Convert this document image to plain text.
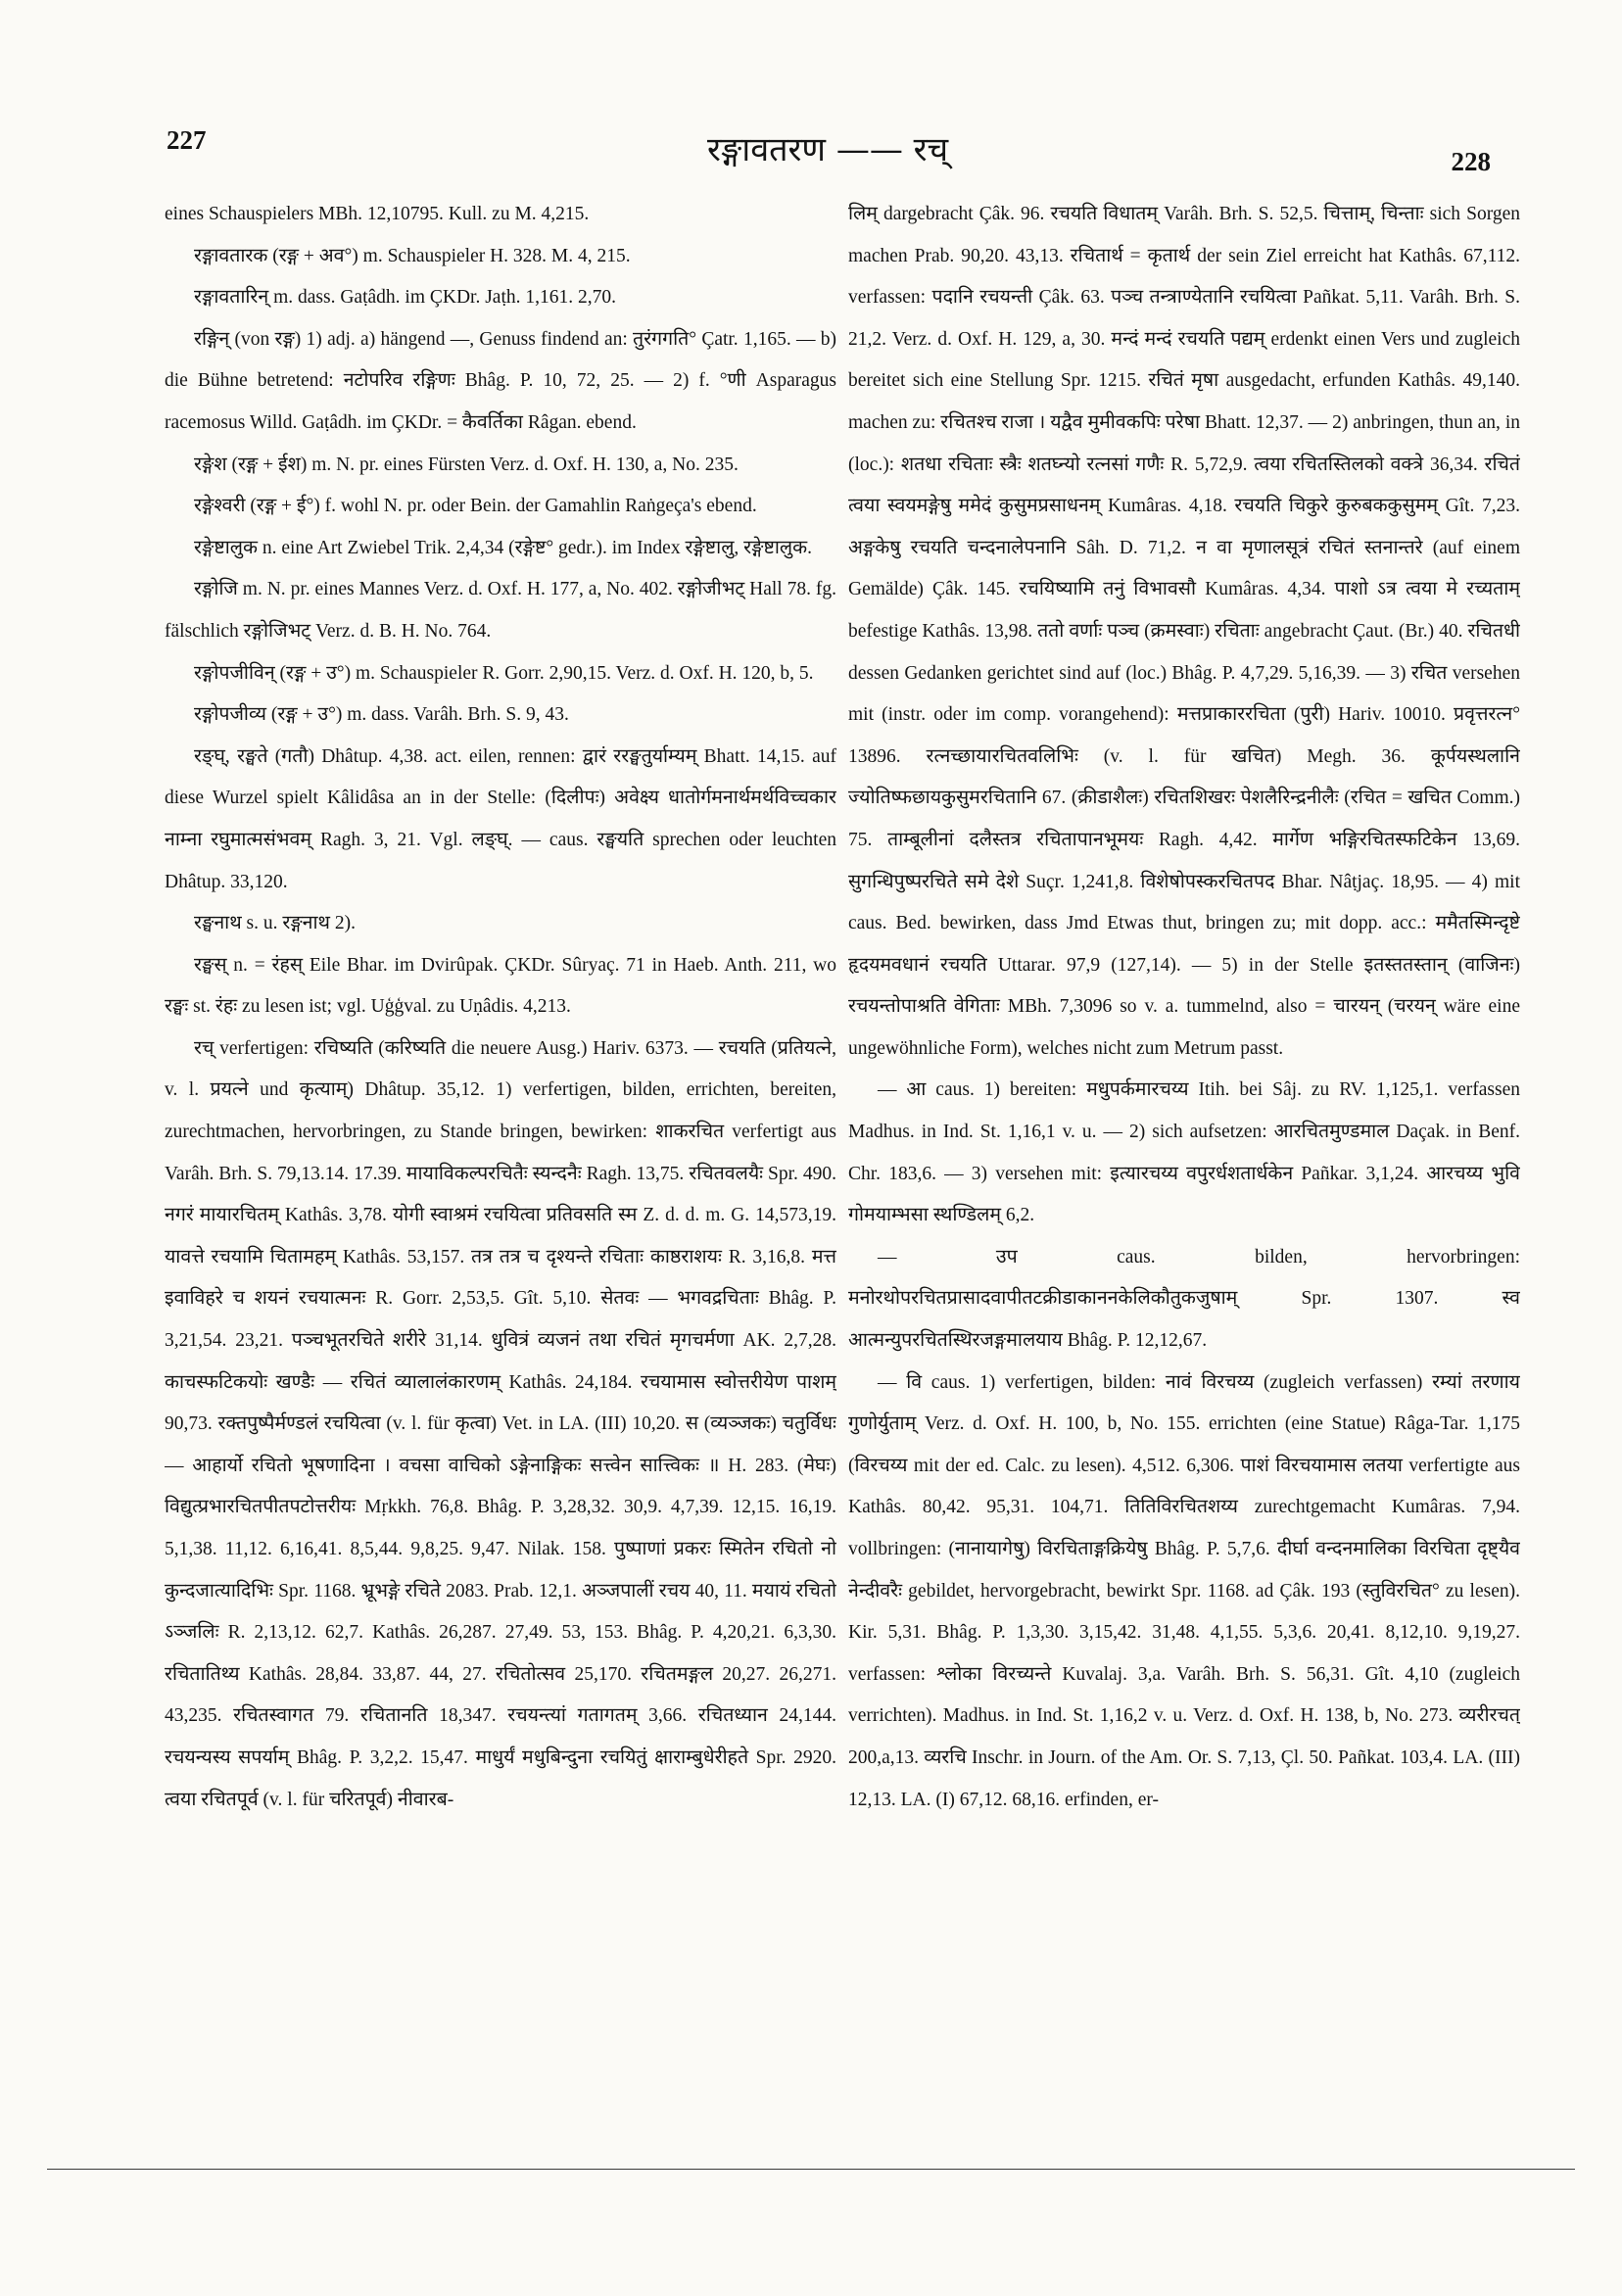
227	रङ्गावतरण —— रच्	228

eines Schauspielers MBh. 12,10795. Kull. zu M. 4,215.

रङ्गावतारक (रङ्ग + अव°) m. Schauspieler H. 328. M. 4, 215.

रङ्गावतारिन् m. dass. Gaṭâdh. im ÇKDr. Jaṭh. 1,161. 2,70.

रङ्गिन् (von रङ्ग) 1) adj. a) hängend —, Genuss findend an: तुरंगगति° Çatr. 1,165. — b) die Bühne betretend: नटोपरिव रङ्गिणः Bhâg. P. 10, 72, 25. — 2) f. °णी Asparagus racemosus Willd. Gaṭâdh. im ÇKDr. = कैवर्तिका Râgan. ebend.

रङ्गेश (रङ्ग + ईश) m. N. pr. eines Fürsten Verz. d. Oxf. H. 130, a, No. 235.

रङ्गेश्वरी (रङ्ग + ई°) f. wohl N. pr. oder Bein. der Gamahlin Raṅgeça's ebend.

रङ्गेष्टालुक n. eine Art Zwiebel Trik. 2,4,34 (रङ्गेष्ट° gedr.). im Index रङ्गेष्टालु, रङ्गेष्टालुक.

रङ्गोजि m. N. pr. eines Mannes Verz. d. Oxf. H. 177, a, No. 402. रङ्गोजीभट् Hall 78. fg. fälschlich रङ्गोजिभट् Verz. d. B. H. No. 764.

रङ्गोपजीविन् (रङ्ग + उ°) m. Schauspieler R. Gorr. 2,90,15. Verz. d. Oxf. H. 120, b, 5.

रङ्गोपजीव्य (रङ्ग + उ°) m. dass. Varâh. Brh. S. 9, 43.

रङ्घ्, रङ्घते (गतौ) Dhâtup. 4,38. act. eilen, rennen: द्वारं ररङ्घतुर्याम्यम् Bhatt. 14,15. auf diese Wurzel spielt Kâlidâsa an in der Stelle: (दिलीपः) अवेक्ष्य धातोर्गमनार्थमर्थविच्चकार नाम्ना रघुमात्मसंभवम् Ragh. 3, 21. Vgl. लङ्घ्. — caus. रङ्घयति sprechen oder leuchten Dhâtup. 33,120.

रङ्घनाथ s. u. रङ्गनाथ 2).

रङ्घस् n. = रंहस् Eile Bhar. im Dvirûpak. ÇKDr. Sûryaç. 71 in Haeb. Anth. 211, wo रङ्घः st. रंहः zu lesen ist; vgl. Uģģval. zu Uṇâdis. 4,213.

रच् verfertigen: रचिष्यति (करिष्यति die neuere Ausg.) Hariv. 6373. — रचयति (प्रतियत्ने, v. l. प्रयत्ने und कृत्याम्) Dhâtup. 35,12. 1) verfertigen, bilden, errichten, bereiten, zurechtmachen, hervorbringen, zu Stande bringen, bewirken: शाकरचित verfertigt aus Varâh. Brh. S. 79,13.14. 17.39. मायाविकल्परचितैः स्यन्दनैः Ragh. 13,75. रचितवलयैः Spr. 490. नगरं मायारचितम् Kathâs. 3,78. योगी स्वाश्रमं रचयित्वा प्रतिवसति स्म Z. d. d. m. G. 14,573,19. यावत्ते रचयामि चितामहम् Kathâs. 53,157. तत्र तत्र च दृश्यन्ते रचिताः काष्ठराशयः R. 3,16,8. मत्त इवाविहरे च शयनं रचयात्मनः R. Gorr. 2,53,5. Gît. 5,10. सेतवः — भगवद्रचिताः Bhâg. P. 3,21,54. 23,21. पञ्चभूतरचिते शरीरे 31,14. धुवित्रं व्यजनं तथा रचितं मृगचर्मणा AK. 2,7,28. काचस्फटिकयोः खण्डैः — रचितं व्यालालंकारणम् Kathâs. 24,184. रचयामास स्वोत्तरीयेण पाशम् 90,73. रक्तपुष्पैर्मण्डलं रचयित्वा (v. l. für कृत्वा) Vet. in LA. (III) 10,20. स (व्यञ्जकः) चतुर्विधः — आहार्यो रचितो भूषणादिना । वचसा वाचिको ऽङ्गेनाङ्गिकः सत्त्वेन सात्त्विकः ॥ H. 283. (मेघः) विद्युत्प्रभारचितपीतपटोत्तरीयः Mṛkkh. 76,8. Bhâg. P. 3,28,32. 30,9. 4,7,39. 12,15. 16,19. 5,1,38. 11,12. 6,16,41. 8,5,44. 9,8,25. 9,47. Nilak. 158. पुष्पाणां प्रकरः स्मितेन रचितो नो कुन्दजात्यादिभिः Spr. 1168. भ्रूभङ्गे रचिते 2083. Prab. 12,1. अञ्जपालीं रचय 40, 11. मयायं रचितो ऽञ्जलिः R. 2,13,12. 62,7. Kathâs. 26,287. 27,49. 53, 153. Bhâg. P. 4,20,21. 6,3,30. रचितातिथ्य Kathâs. 28,84. 33,87. 44, 27. रचितोत्सव 25,170. रचितमङ्गल 20,27. 26,271. 43,235. रचितस्वागत 79. रचितानति 18,347. रचयन्त्यां गतागतम् 3,66. रचितध्यान 24,144. रचयन्यस्य सपर्याम् Bhâg. P. 3,2,2. 15,47. माधुर्यं मधुबिन्दुना रचयितुं क्षाराम्बुधेरीहते Spr. 2920. त्वया रचितपूर्व (v. l. für चरितपूर्व) नीवारब-

लिम् dargebracht Çâk. 96. रचयति विधातम् Varâh. Brh. S. 52,5. चित्ताम्, चिन्ताः sich Sorgen machen Prab. 90,20. 43,13. रचितार्थ = कृतार्थ der sein Ziel erreicht hat Kathâs. 67,112. verfassen: पदानि रचयन्ती Çâk. 63. पञ्च तन्त्राण्येतानि रचयित्वा Pañkat. 5,11. Varâh. Brh. S. 21,2. Verz. d. Oxf. H. 129, a, 30. मन्दं मन्दं रचयति पद्यम् erdenkt einen Vers und zugleich bereitet sich eine Stellung Spr. 1215. रचितं मृषा ausgedacht, erfunden Kathâs. 49,140. machen zu: रचितश्च राजा । यद्वैव मुमीवकपिः परेषा Bhatt. 12,37. — 2) anbringen, thun an, in (loc.): शतधा रचिताः स्त्रैः शतघ्न्यो रत्नसां गणैः R. 5,72,9. त्वया रचितस्तिलको वक्त्रे 36,34. रचितं त्वया स्वयमङ्गेषु ममेदं कुसुमप्रसाधनम् Kumâras. 4,18. रचयति चिकुरे कुरुबककुसुमम् Gît. 7,23. अङ्गकेषु रचयति चन्दनालेपनानि Sâh. D. 71,2. न वा मृणालसूत्रं रचितं स्तनान्तरे (auf einem Gemälde) Çâk. 145. रचयिष्यामि तनुं विभावसौ Kumâras. 4,34. पाशो ऽत्र त्वया मे रच्यताम् befestige Kathâs. 13,98. ततो वर्णाः पञ्च (क्रमस्वाः) रचिताः angebracht Çaut. (Br.) 40. रचितधी dessen Gedanken gerichtet sind auf (loc.) Bhâg. P. 4,7,29. 5,16,39. — 3) रचित versehen mit (instr. oder im comp. vorangehend): मत्तप्राकाररचिता (पुरी) Hariv. 10010. प्रवृत्तरत्न° 13896. रत्नच्छायारचितवलिभिः (v. l. für खचित) Megh. 36. कूर्पयस्थलानि ज्योतिष्फछायकुसुमरचितानि 67. (क्रीडाशैलः) रचितशिखरः पेशलैरिन्द्रनीलैः (रचित = खचित Comm.) 75. ताम्बूलीनां दलैस्तत्र रचितापानभूमयः Ragh. 4,42. मार्गेण भङ्गिरचितस्फटिकेन 13,69. सुगन्धिपुष्परचिते समे देशे Suçr. 1,241,8. विशेषोपस्करचितपद Bhar. Nâṭjaç. 18,95. — 4) mit caus. Bed. bewirken, dass Jmd Etwas thut, bringen zu; mit dopp. acc.: ममैतस्मिन्दृष्टे हृदयमवधानं रचयति Uttarar. 97,9 (127,14). — 5) in der Stelle इतस्ततस्तान् (वाजिनः) रचयन्तोपाश्रति वेगिताः MBh. 7,3096 so v. a. tummelnd, also = चारयन् (चरयन् wäre eine ungewöhnliche Form), welches nicht zum Metrum passt.

— आ caus. 1) bereiten: मधुपर्कमारचय्य Itih. bei Sâj. zu RV. 1,125,1. verfassen Madhus. in Ind. St. 1,16,1 v. u. — 2) sich aufsetzen: आरचितमुण्डमाल Daçak. in Benf. Chr. 183,6. — 3) versehen mit: इत्यारचय्य वपुरर्धशतार्धकेन Pañkar. 3,1,24. आरचय्य भुवि गोमयाम्भसा स्थण्डिलम् 6,2.

— उप caus. bilden, hervorbringen: मनोरथोपरचितप्रासादवापीतटक्रीडाकाननकेलिकौतुकजुषाम् Spr. 1307. स्व आत्मन्युपरचितस्थिरजङ्गमालयाय Bhâg. P. 12,12,67.

— वि caus. 1) verfertigen, bilden: नावं विरचय्य (zugleich verfassen) रम्यां तरणाय गुणोर्युताम् Verz. d. Oxf. H. 100, b, No. 155. errichten (eine Statue) Râga-Tar. 1,175 (विरचय्य mit der ed. Calc. zu lesen). 4,512. 6,306. पाशं विरचयामास लतया verfertigte aus Kathâs. 80,42. 95,31. 104,71. तितिविरचितशय्य zurechtgemacht Kumâras. 7,94. vollbringen: (नानायागेषु) विरचिताङ्गक्रियेषु Bhâg. P. 5,7,6. दीर्घा वन्दनमालिका विरचिता दृष्ट्यैव नेन्दीवरैः gebildet, hervorgebracht, bewirkt Spr. 1168. ad Çâk. 193 (स्तुविरचित° zu lesen). Kir. 5,31. Bhâg. P. 1,3,30. 3,15,42. 31,48. 4,1,55. 5,3,6. 20,41. 8,12,10. 9,19,27. verfassen: श्लोका विरच्यन्ते Kuvalaj. 3,a. Varâh. Brh. S. 56,31. Gît. 4,10 (zugleich verrichten). Madhus. in Ind. St. 1,16,2 v. u. Verz. d. Oxf. H. 138, b, No. 273. व्यरीरचत् 200,a,13. व्यरचि Inschr. in Journ. of the Am. Or. S. 7,13, Çl. 50. Pañkat. 103,4. LA. (III) 12,13. LA. (I) 67,12. 68,16. erfinden, er-
